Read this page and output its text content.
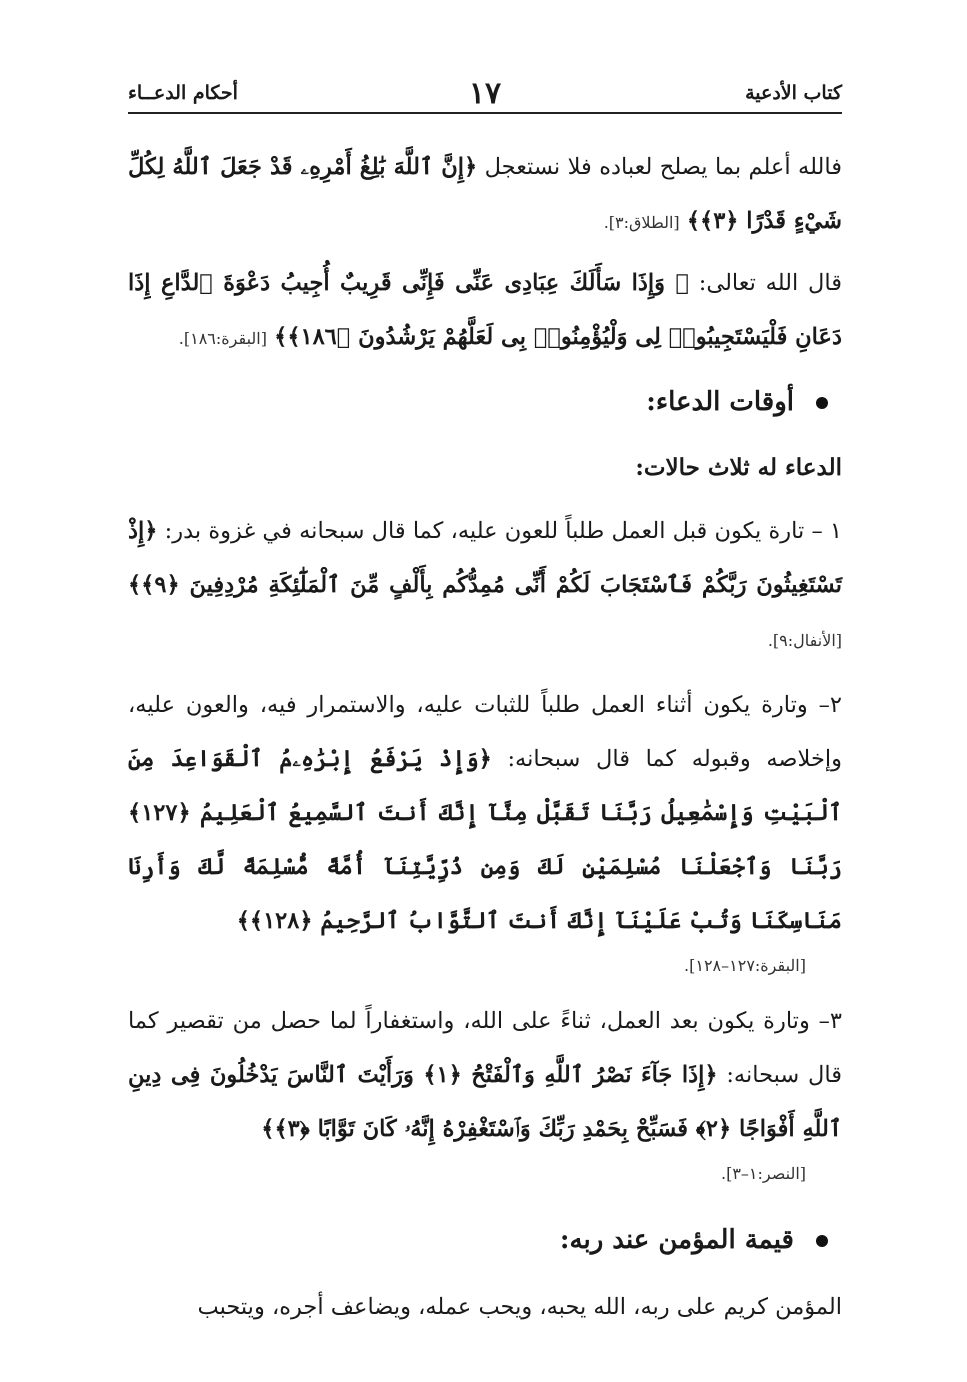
كتاب الأدعية
١٧
أحكام الدعــاء

فالله أعلم بما يصلح لعباده فلا نستعجل ﴿إِنَّ ٱللَّهَ بَٰلِغُ أَمْرِهِۦ قَدْ جَعَلَ ٱللَّهُ لِكُلِّ شَيْءٍ قَدْرًا ﴿٣﴾﴾ [الطلاق:٣].

قال الله تعالى: ﴿ وَإِذَا سَأَلَكَ عِبَادِى عَنِّى فَإِنِّى قَرِيبٌ أُجِيبُ دَعْوَةَ ٱلدَّاعِ إِذَا دَعَانِ فَلْيَسْتَجِيبُوا۟ لِى وَلْيُؤْمِنُوا۟ بِى لَعَلَّهُمْ يَرْشُدُونَ ﴿١٨٦﴾﴾ [البقرة:١٨٦].

أوقات الدعاء:
الدعاء له ثلاث حالات:

١ – تارة يكون قبل العمل طلباً للعون عليه، كما قال سبحانه في غزوة بدر: ﴿إِذْ تَسْتَغِيثُونَ رَبَّكُمْ فَٱسْتَجَابَ لَكُمْ أَنِّى مُمِدُّكُم بِأَلْفٍ مِّنَ ٱلْمَلَٰٓئِكَةِ مُرْدِفِينَ ﴿٩﴾﴾ [الأنفال:٩].

٢– وتارة يكون أثناء العمل طلباً للثبات عليه، والاستمرار فيه، والعون عليه، وإخلاصه وقبوله كما قال سبحانه: ﴿وَإِذْ يَرْفَعُ إِبْرَٰهِۦمُ ٱلْقَوَاعِدَ مِنَ ٱلْبَيْتِ وَإِسْمَٰعِيلُ رَبَّنَا تَقَبَّلْ مِنَّآ إِنَّكَ أَنتَ ٱلسَّمِيعُ ٱلْعَلِيمُ ﴿١٢٧﴾ رَبَّنَا وَٱجْعَلْنَا مُسْلِمَيْنِ لَكَ وَمِن ذُرِّيَّتِنَآ أُمَّةً مُّسْلِمَةً لَّكَ وَأَرِنَا مَنَاسِكَنَا وَتُبْ عَلَيْنَآ إِنَّكَ أَنتَ ٱلتَّوَّابُ ٱلرَّحِيمُ ﴿١٢٨﴾﴾

[البقرة:١٢٧–١٢٨].

٣– وتارة يكون بعد العمل، ثناءً على الله، واستغفاراً لما حصل من تقصير كما قال سبحانه: ﴿إِذَا جَآءَ نَصْرُ ٱللَّهِ وَٱلْفَتْحُ ﴿١﴾ وَرَأَيْتَ ٱلنَّاسَ يَدْخُلُونَ فِى دِينِ ٱللَّهِ أَفْوَاجًا ﴿٢﴾ فَسَبِّحْ بِحَمْدِ رَبِّكَ وَٱسْتَغْفِرْهُ إِنَّهُۥ كَانَ تَوَّابًا ﴿٣﴾﴾

[النصر:١–٣].
قيمة المؤمن عند ربه:

المؤمن كريم على ربه، الله يحبه، ويحب عمله، ويضاعف أجره، ويتحبب
